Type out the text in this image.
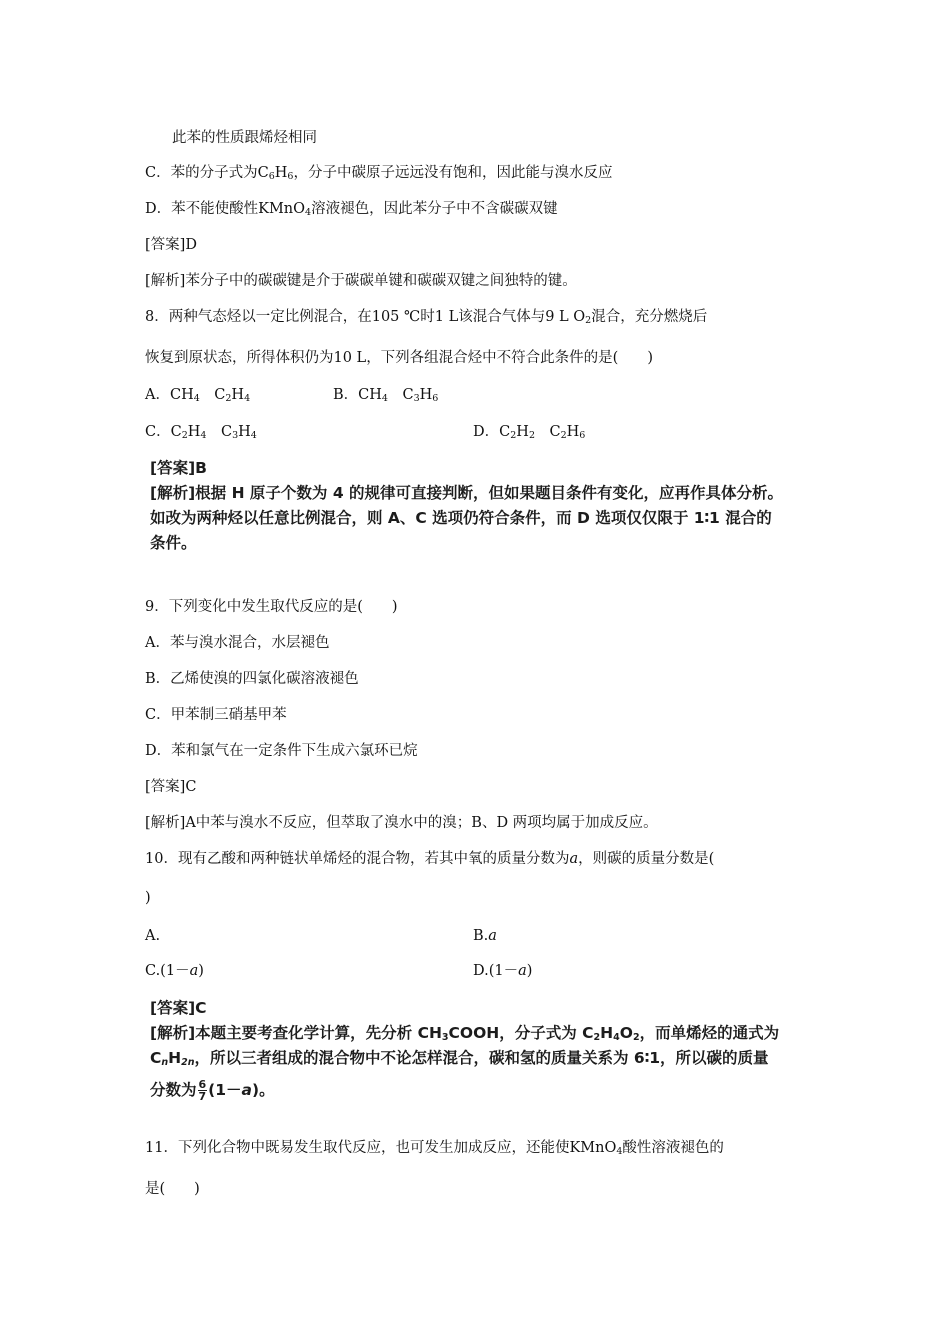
此苯的性质跟烯烃相同
C．苯的分子式为$C_6H_6$，分子中碳原子远远没有饱和，因此能与溴水反应
D．苯不能使酸性KMnO$_4$溶液褪色，因此苯分子中不含碳碳双键
[答案]D
[解析]苯分子中的碳碳键是介于碳碳单键和碳碳双键之间独特的键。
8．两种气态烃以一定比例混合，在105 ℃时1 L该混合气体与9 L $O_2$混合，充分燃烧后
恢复到原状态，所得体积仍为10 L，下列各组混合烃中不符合此条件的是(　　)
A．$CH_4$　$C_2H_4$	B．$CH_4$　$C_3H_6$
C．$C_2H_4$　$C_3H_4$	D．$C_2H_2$　$C_2H_6$
[答案]B
[解析]根据 H 原子个数为 4 的规律可直接判断，但如果题目条件有变化，应再作具体分析。
如改为两种烃以任意比例混合，则 A、C 选项仍符合条件，而 D 选项仅仅限于 1∶1 混合的
条件。
9．下列变化中发生取代反应的是(　　)
A．苯与溴水混合，水层褪色
B．乙烯使溴的四氯化碳溶液褪色
C．甲苯制三硝基甲苯
D．苯和氯气在一定条件下生成六氯环已烷
[答案]C
[解析]A中苯与溴水不反应，但萃取了溴水中的溴；B、D 两项均属于加成反应。
10．现有乙酸和两种链状单烯烃的混合物，若其中氧的质量分数为a，则碳的质量分数是(
)
A.	B.a
C.(1－a)	D.(1－a)
[答案]C
[解析]本题主要考查化学计算，先分析 $CH_3COOH$，分子式为 $C_2H_4O_2$，而单烯烃的通式为
$C_nH_{2n}$，所以三者组成的混合物中不论怎样混合，碳和氢的质量关系为 6∶1，所以碳的质量
分数为 $\frac{6}{7} (1-a)$。
11．下列化合物中既易发生取代反应，也可发生加成反应，还能使KMnO$_4$酸性溶液褪色的
是(　　)
